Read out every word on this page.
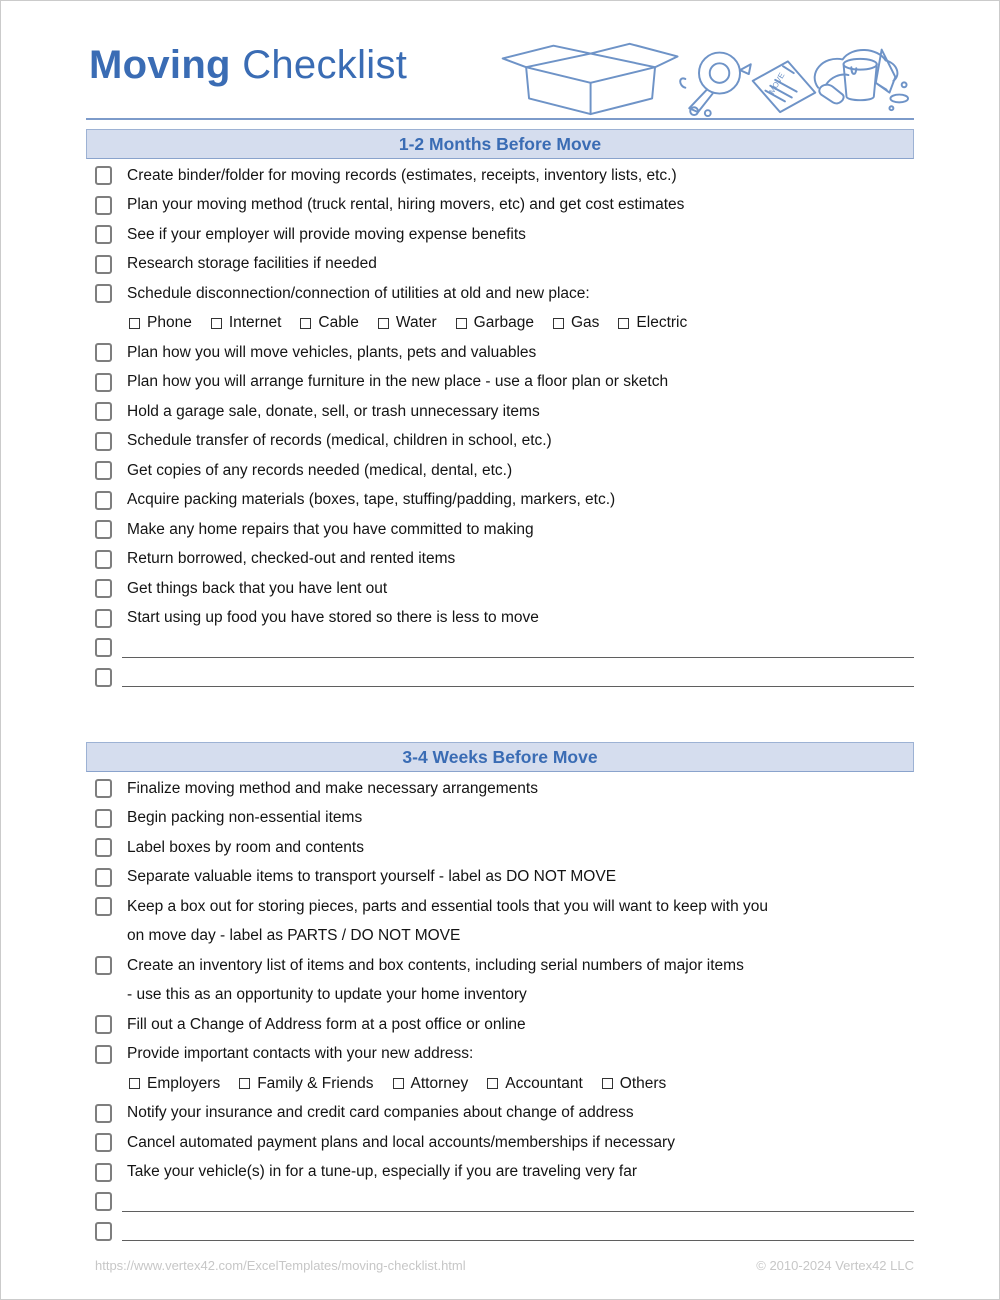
Moving Checklist	MOVE
1-2 Months Before Move
Create binder/folder for moving records (estimates, receipts, inventory lists, etc.)
Plan your moving method (truck rental, hiring movers, etc) and get cost estimates
See if your employer will provide moving expense benefits
Research storage facilities if needed
Schedule disconnection/connection of utilities at old and new place:
Phone Internet Cable Water Garbage Gas Electric
Plan how you will move vehicles, plants, pets and valuables
Plan how you will arrange furniture in the new place - use a floor plan or sketch
Hold a garage sale, donate, sell, or trash unnecessary items
Schedule transfer of records (medical, children in school, etc.)
Get copies of any records needed (medical, dental, etc.)
Acquire packing materials (boxes, tape, stuffing/padding, markers, etc.)
Make any home repairs that you have committed to making
Return borrowed, checked-out and rented items
Get things back that you have lent out
Start using up food you have stored so there is less to move
3-4 Weeks Before Move
Finalize moving method and make necessary arrangements
Begin packing non-essential items
Label boxes by room and contents
Separate valuable items to transport yourself - label as DO NOT MOVE
Keep a box out for storing pieces, parts and essential tools that you will want to keep with you
on move day - label as PARTS / DO NOT MOVE
Create an inventory list of items and box contents, including serial numbers of major items
- use this as an opportunity to update your home inventory
Fill out a Change of Address form at a post office or online
Provide important contacts with your new address:
Employers Family & Friends Attorney Accountant Others
Notify your insurance and credit card companies about change of address
Cancel automated payment plans and local accounts/memberships if necessary
Take your vehicle(s) in for a tune-up, especially if you are traveling very far
https://www.vertex42.com/ExcelTemplates/moving-checklist.html	© 2010-2024 Vertex42 LLC
